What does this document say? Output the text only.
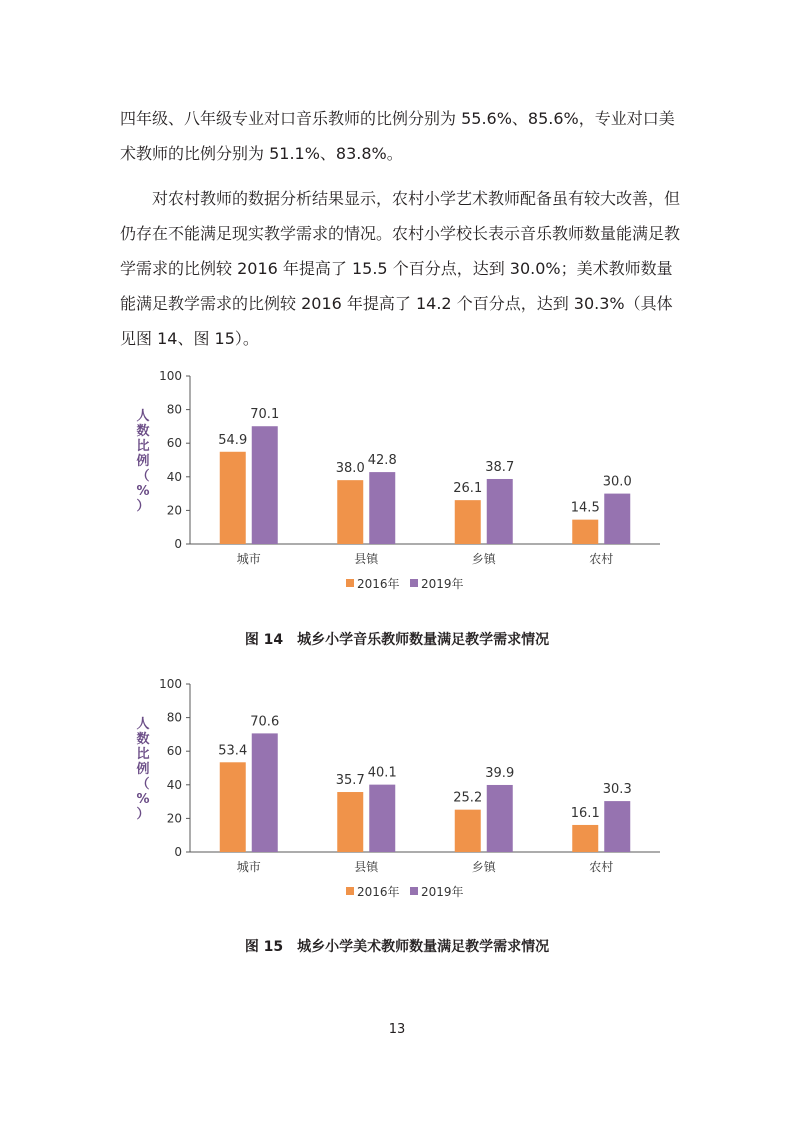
四年级、八年级专业对口音乐教师的比例分别为 55.6%、85.6%，专业对口美术教师的比例分别为 51.1%、83.8%。

对农村教师的数据分析结果显示，农村小学艺术教师配备虽有较大改善，但仍存在不能满足现实教学需求的情况。农村小学校长表示音乐教师数量能满足教学需求的比例较 2016 年提高了 15.5 个百分点，达到 30.0%；美术教师数量能满足教学需求的比例较 2016 年提高了 14.2 个百分点，达到 30.3%（具体见图 14、图 15）。

0
20
40
60
80
100
人
数
比
例
（
%
）
54.9
70.1
城市
38.0
42.8
县镇
26.1
38.7
乡镇
14.5
30.0
农村
2016年 2019年
图 14　城乡小学音乐教师数量满足教学需求情况
0
20
40
60
80
100
人
数
比
例
（
%
）
53.4
70.6
城市
35.7 40.1
县镇
25.2
39.9
乡镇
16.1
30.3
农村
2016年 2019年
图 15　城乡小学美术教师数量满足教学需求情况
13
